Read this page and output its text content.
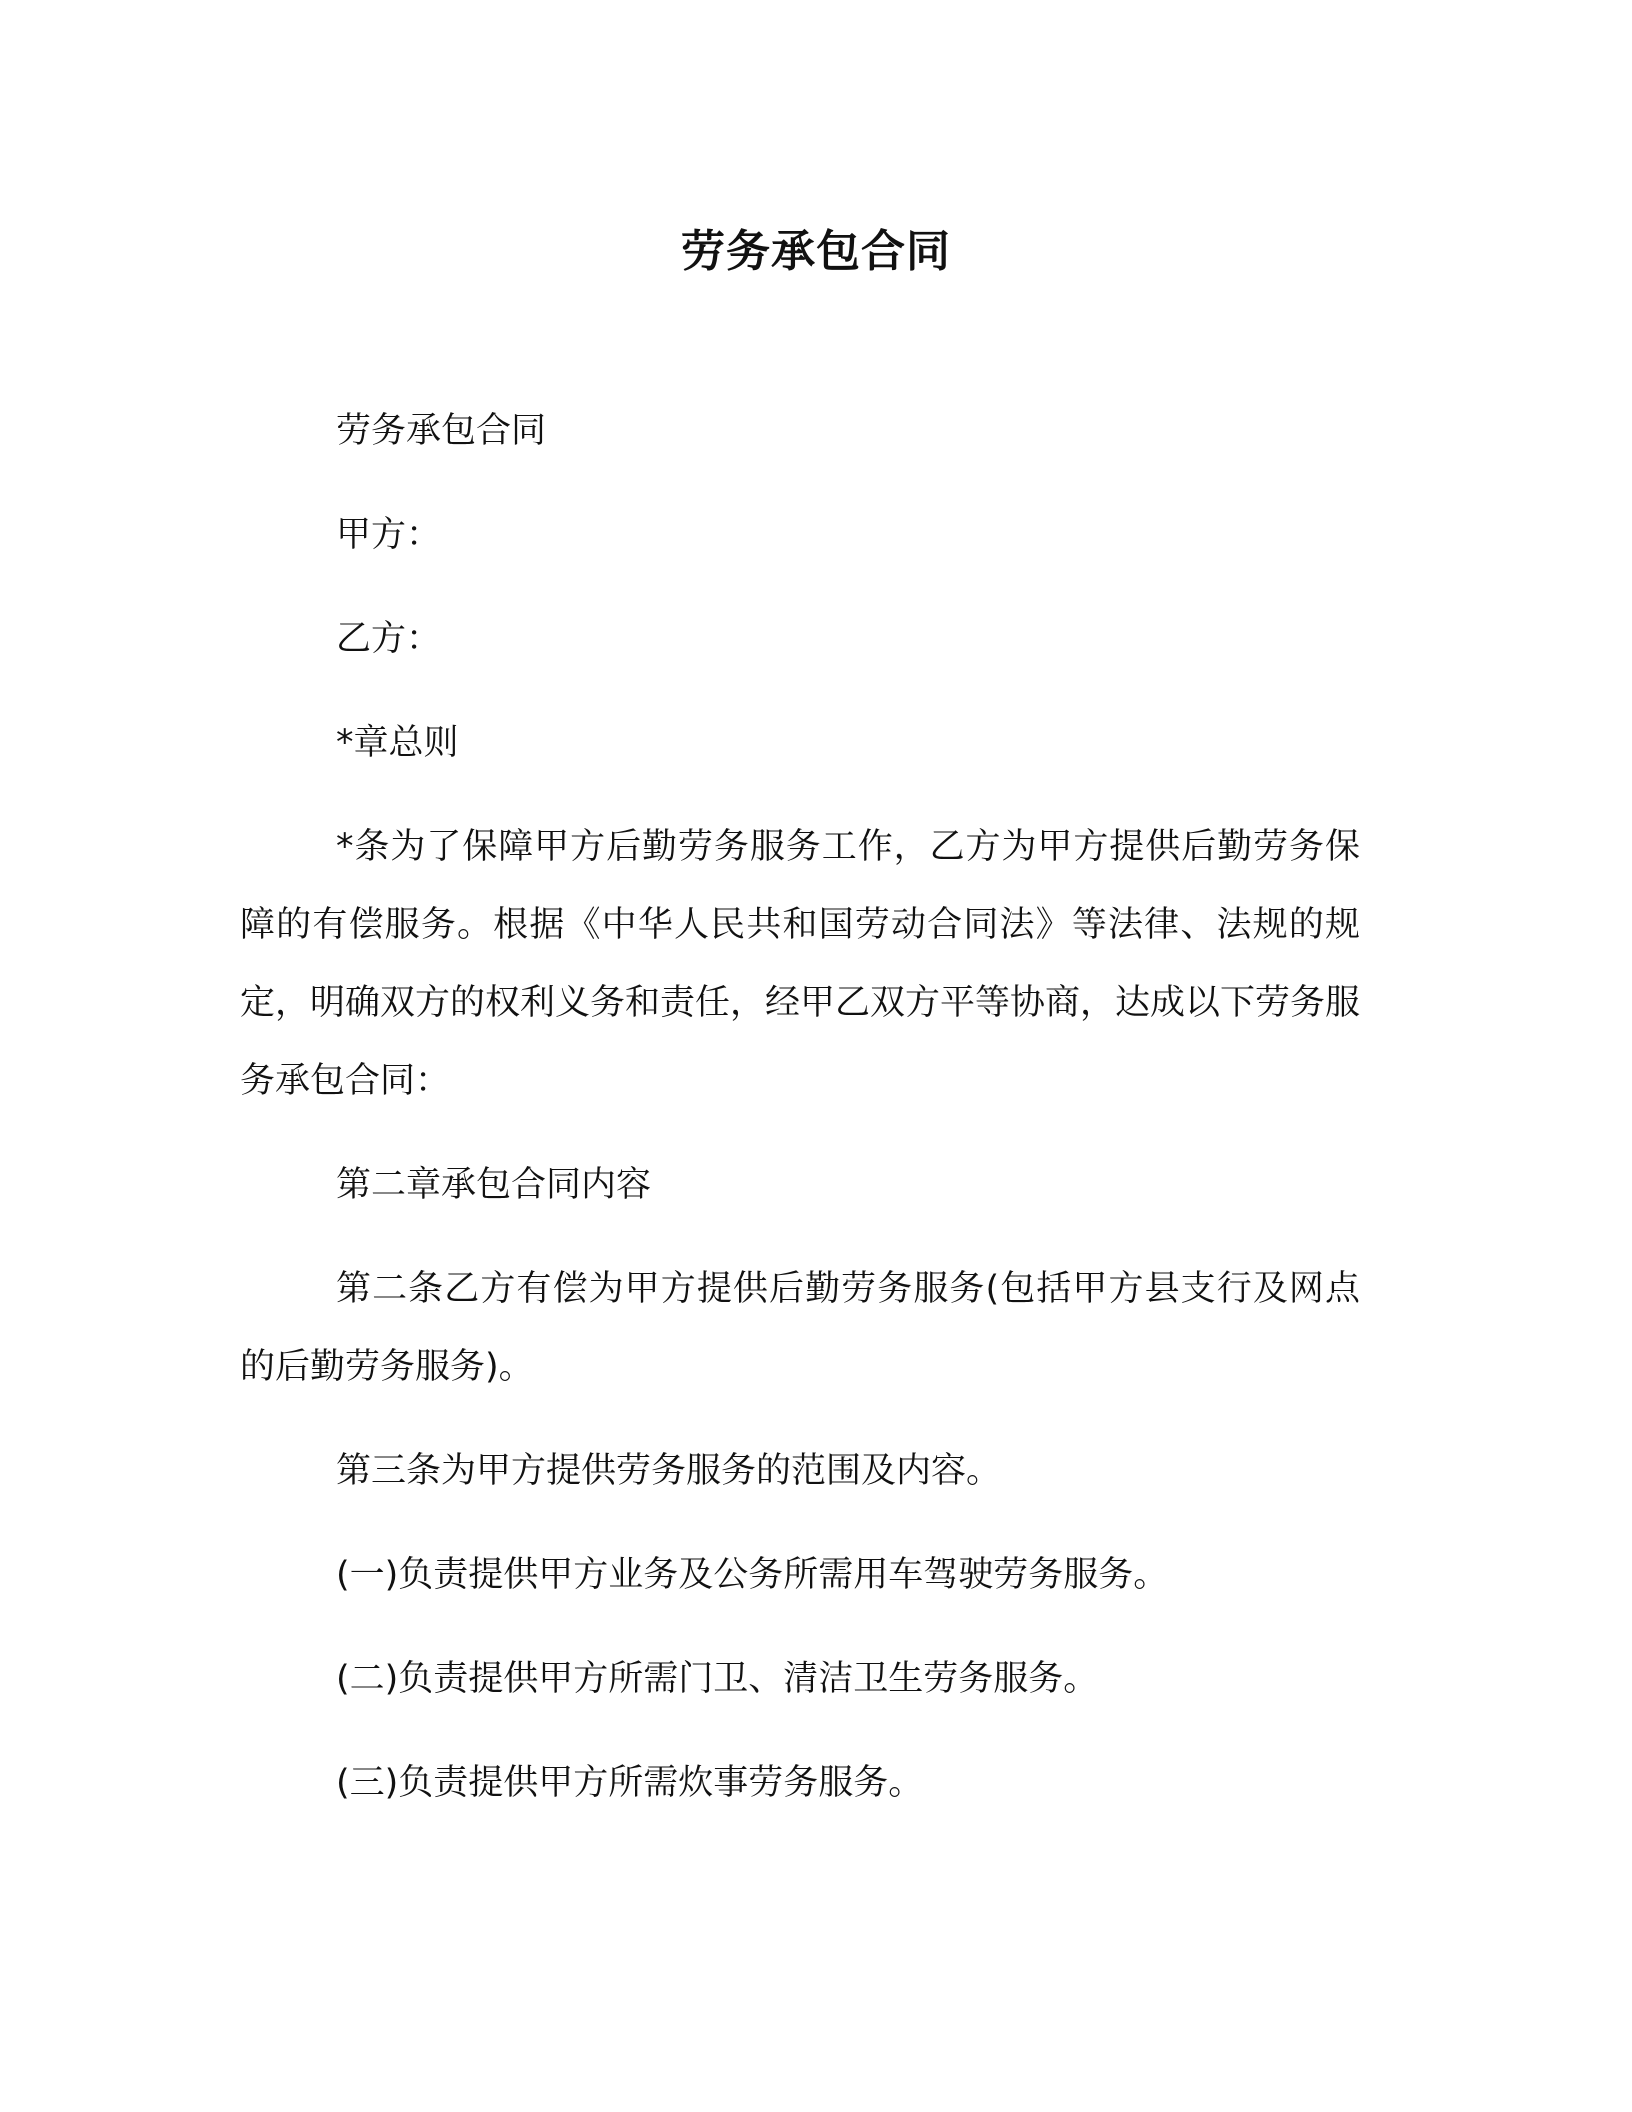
劳务承包合同

劳务承包合同

甲方：

乙方：

*章总则

*条为了保障甲方后勤劳务服务工作，乙方为甲方提供后勤劳务保障的有偿服务。根据《中华人民共和国劳动合同法》等法律、法规的规定，明确双方的权利义务和责任，经甲乙双方平等协商，达成以下劳务服务承包合同：

第二章承包合同内容

第二条乙方有偿为甲方提供后勤劳务服务(包括甲方县支行及网点的后勤劳务服务)。

第三条为甲方提供劳务服务的范围及内容。

(一)负责提供甲方业务及公务所需用车驾驶劳务服务。

(二)负责提供甲方所需门卫、清洁卫生劳务服务。

(三)负责提供甲方所需炊事劳务服务。
